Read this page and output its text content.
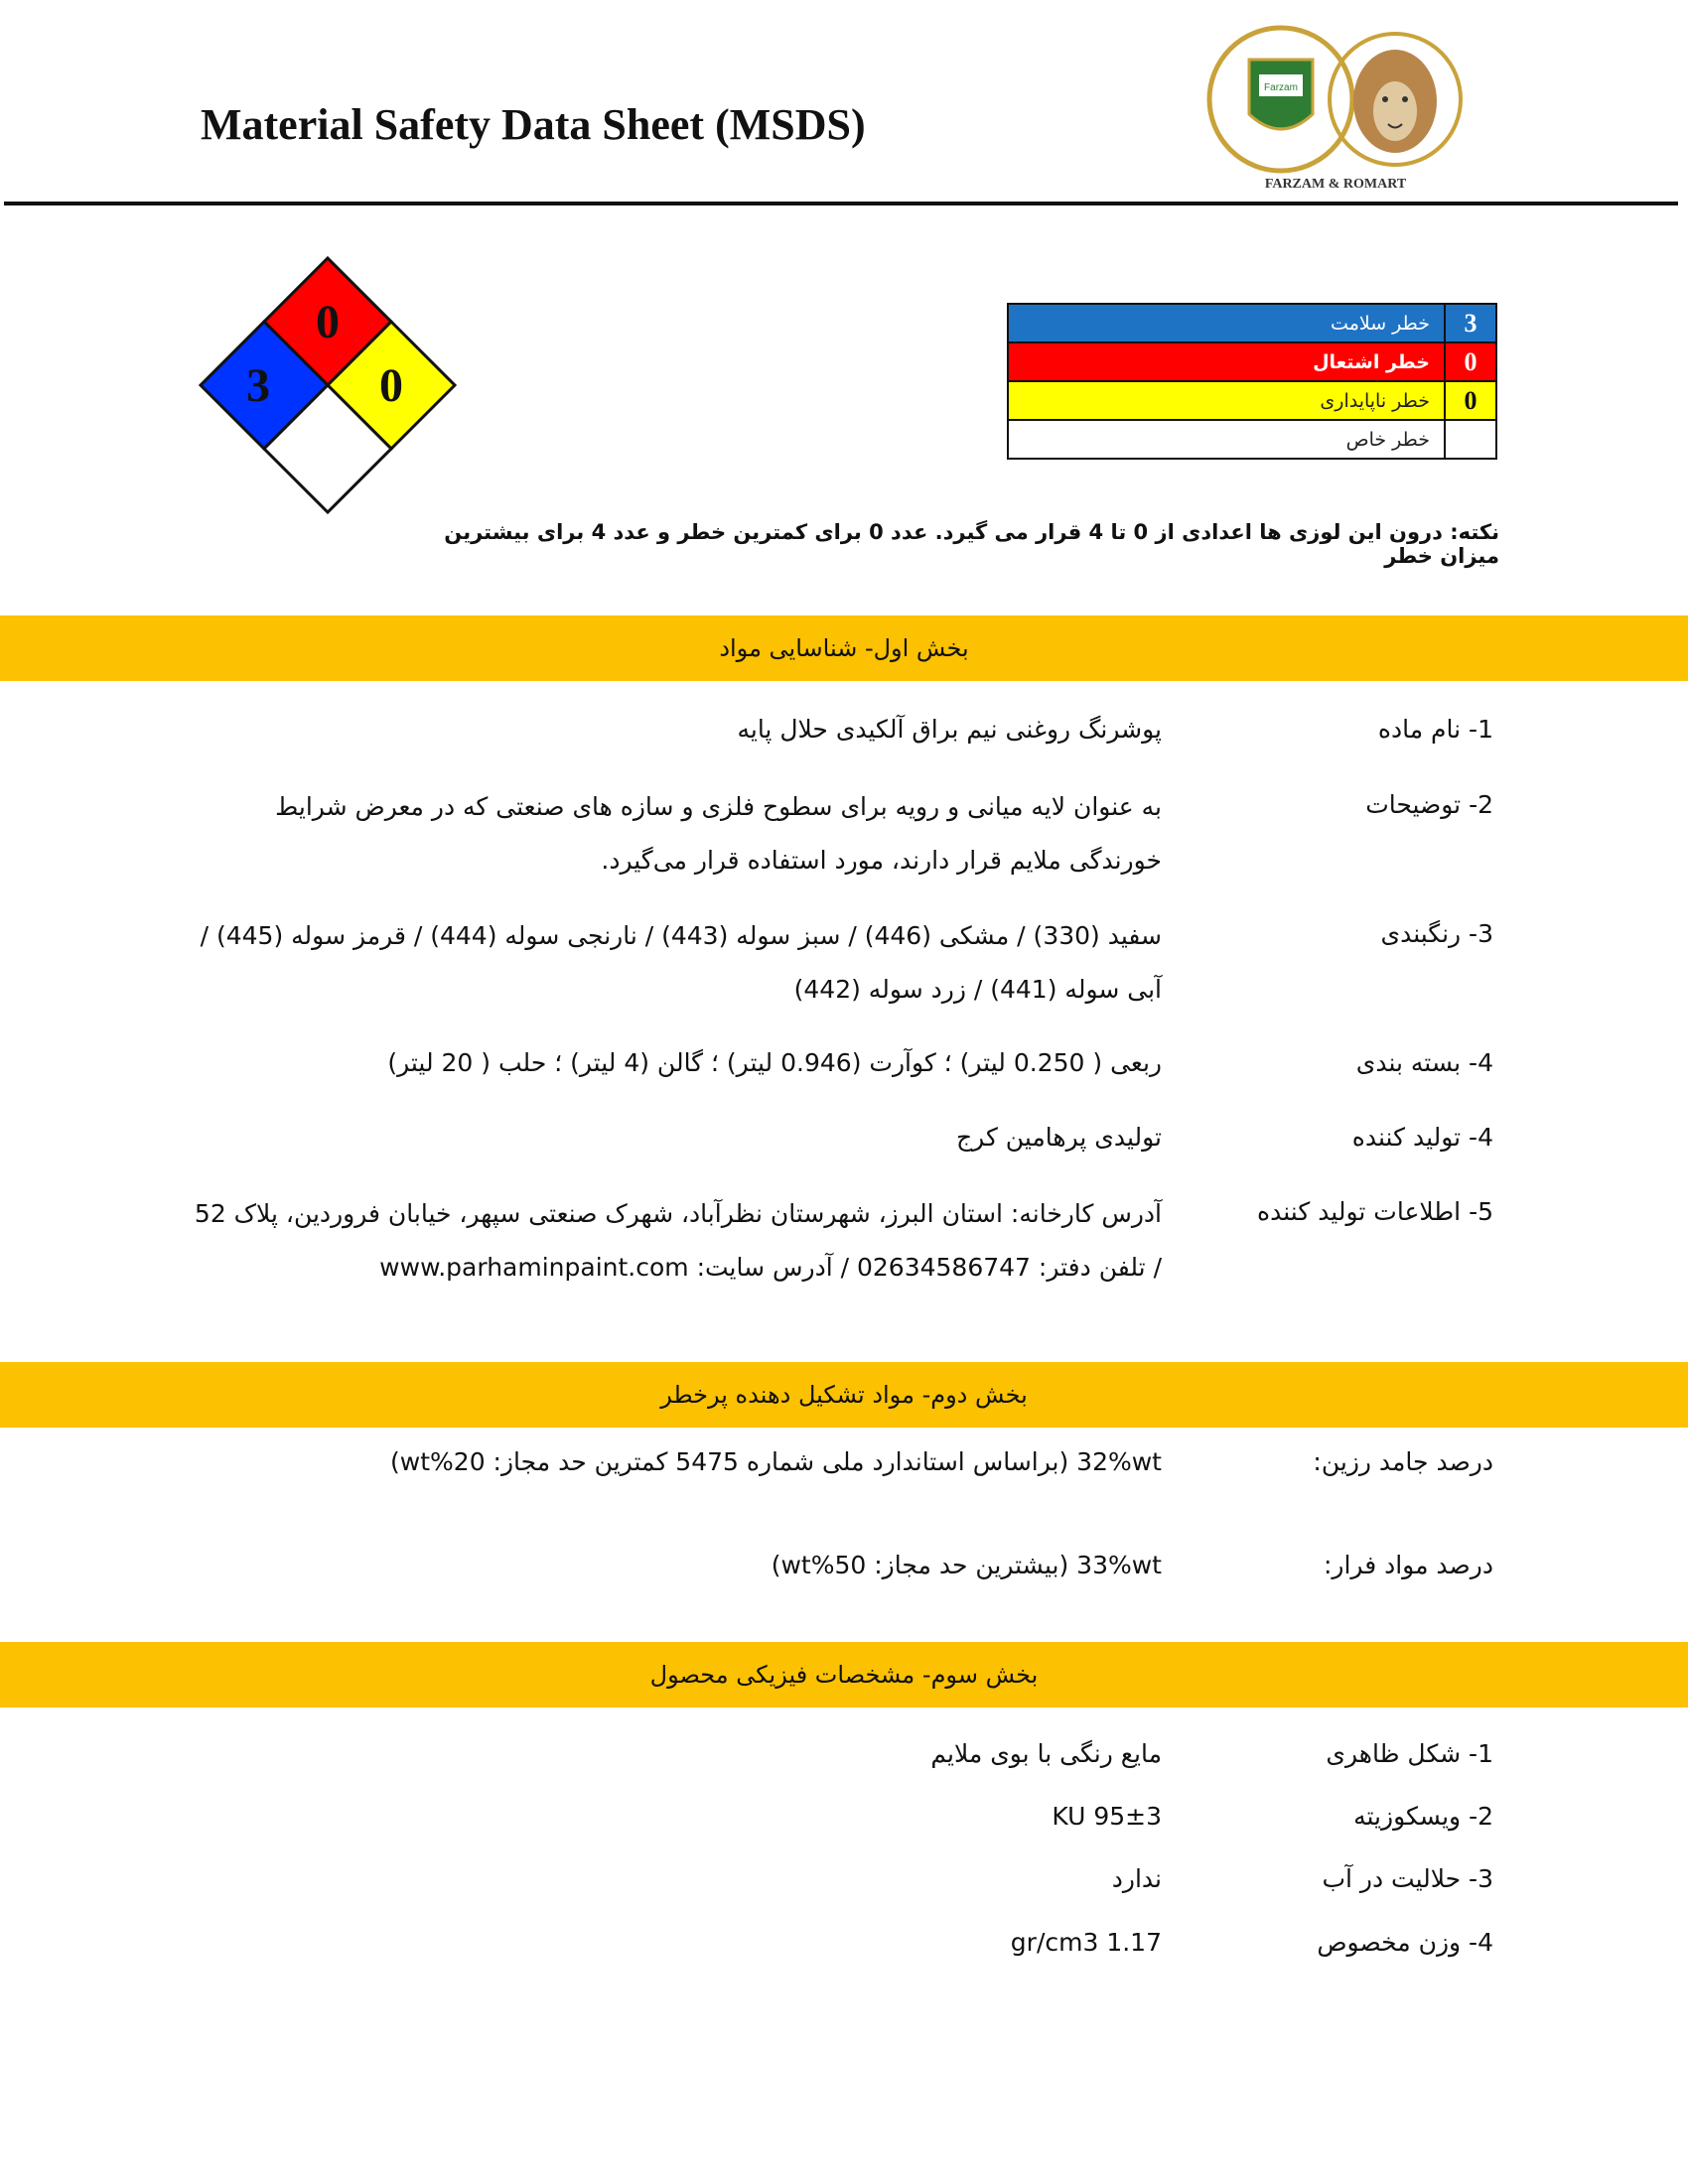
Material Safety Data Sheet (MSDS)
Farzam
FARZAM & ROMART
0
3 0
خطر سلامت	3
خطر اشتعال	0
خطر ناپایداری	0
خطر خاص	
نکته: درون این لوزی ها اعدادی از 0 تا 4 قرار می گیرد. عدد 0 برای کمترین خطر و عدد 4 برای بیشترین میزان خطر
بخش اول- شناسایی مواد
1- نام ماده
پوشرنگ روغنی نیم براق آلکیدی حلال پایه
2- توضیحات
به عنوان لایه میانی و رویه برای سطوح فلزی و سازه های صنعتی که در معرض شرایط خورندگی ملایم قرار دارند، مورد استفاده قرار می‌گیرد.
3- رنگبندی
سفید (330) / مشکی (446) / سبز سوله (443) / نارنجی سوله (444) / قرمز سوله (445) / آبی سوله (441) / زرد سوله (442)
4- بسته بندی
ربعی ( 0.250 لیتر) ؛ کوآرت (0.946 لیتر) ؛ گالن (4 لیتر) ؛ حلب ( 20 لیتر)
4- تولید کننده
تولیدی پرهامین کرج
5- اطلاعات تولید کننده
آدرس کارخانه: استان البرز، شهرستان نظرآباد، شهرک صنعتی سپهر، خیابان فروردین، پلاک 52 / تلفن دفتر: 02634586747 / آدرس سایت: www.parhaminpaint.com
بخش دوم- مواد تشکیل دهنده پرخطر
درصد جامد رزین:
32%wt (براساس استاندارد ملی شماره 5475 کمترین حد مجاز: 20%wt)
درصد مواد فرار:
33%wt (بیشترین حد مجاز: 50%wt)
بخش سوم- مشخصات فیزیکی محصول
1- شکل ظاهری
مایع رنگی با بوی ملایم
2- ویسکوزیته
95±3 KU
3- حلالیت در آب
ندارد
4- وزن مخصوص
1.17 gr/cm3
